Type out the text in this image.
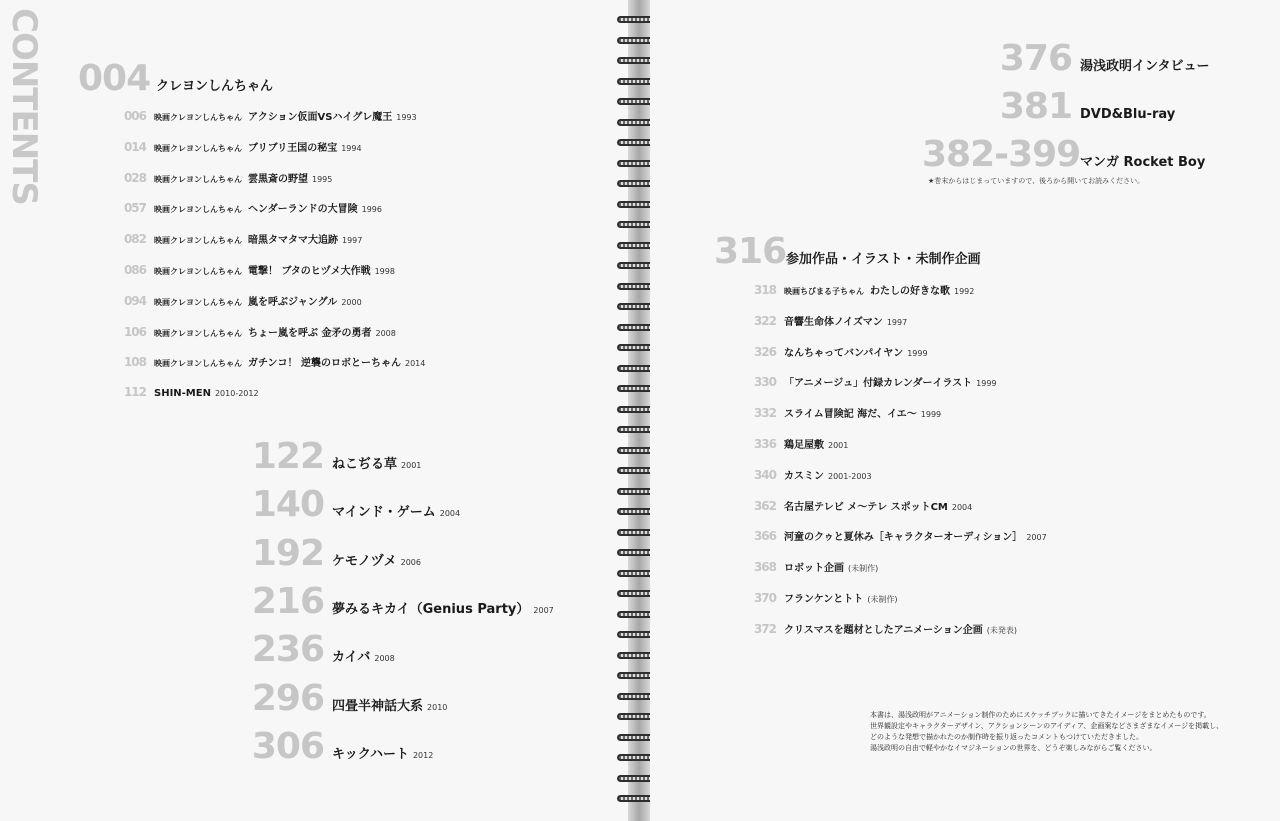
CONTENTS 004 クレヨンしんちゃん
006 映画クレヨンしんちゃん アクション仮面VSハイグレ魔王 1993
014 映画クレヨンしんちゃん ブリブリ王国の秘宝 1994
028 映画クレヨンしんちゃん 雲黒斎の野望 1995
057 映画クレヨンしんちゃん ヘンダーランドの大冒険 1996
082 映画クレヨンしんちゃん 暗黒タマタマ大追跡 1997
086 映画クレヨンしんちゃん 電撃！ ブタのヒヅメ大作戦 1998
094 映画クレヨンしんちゃん 嵐を呼ぶジャングル 2000
106 映画クレヨンしんちゃん ちょー嵐を呼ぶ 金矛の勇者 2008
108 映画クレヨンしんちゃん ガチンコ！ 逆襲のロボとーちゃん 2014
112 SHIN-MEN 2010-2012
122 ねこぢる草 2001
140 マインド・ゲーム 2004
192 ケモノヅメ 2006
216 夢みるキカイ（Genius Party） 2007
236 カイバ 2008
296 四畳半神話大系 2010
306 キックハート 2012
376 湯浅政明インタビュー
381 DVD&Blu-ray
382-399 マンガ Rocket Boy
316 参加作品・イラスト・未制作企画
318 映画ちびまる子ちゃん わたしの好きな歌 1992
322 音響生命体ノイズマン 1997
326 なんちゃってバンパイヤン 1999
330 「アニメージュ」付録カレンダーイラスト 1999
332 スライム冒険記 海だ、イエ～ 1999
336 鶏足屋敷 2001
340 カスミン 2001-2003
362 名古屋テレビ メ～テレ スポットCM 2004
366 河童のクゥと夏休み［キャラクターオーディション］ 2007
368 ロボット企画 (未制作)
370 フランケンとトト (未制作)
372 クリスマスを題材としたアニメーション企画 (未発表)
★巻末からはじまっていますので、後ろから開いてお読みください。
本書は、湯浅政明がアニメーション制作のためにスケッチブックに描いてきたイメージをまとめたものです。
世界観設定やキャラクターデザイン、アクションシーンのアイディア、企画案などさまざまなイメージを掲載し、
どのような発想で描かれたのか制作時を振り返ったコメントもつけていただきました。
湯浅政明の自由で軽やかなイマジネーションの世界を、どうぞ楽しみながらご覧ください。
